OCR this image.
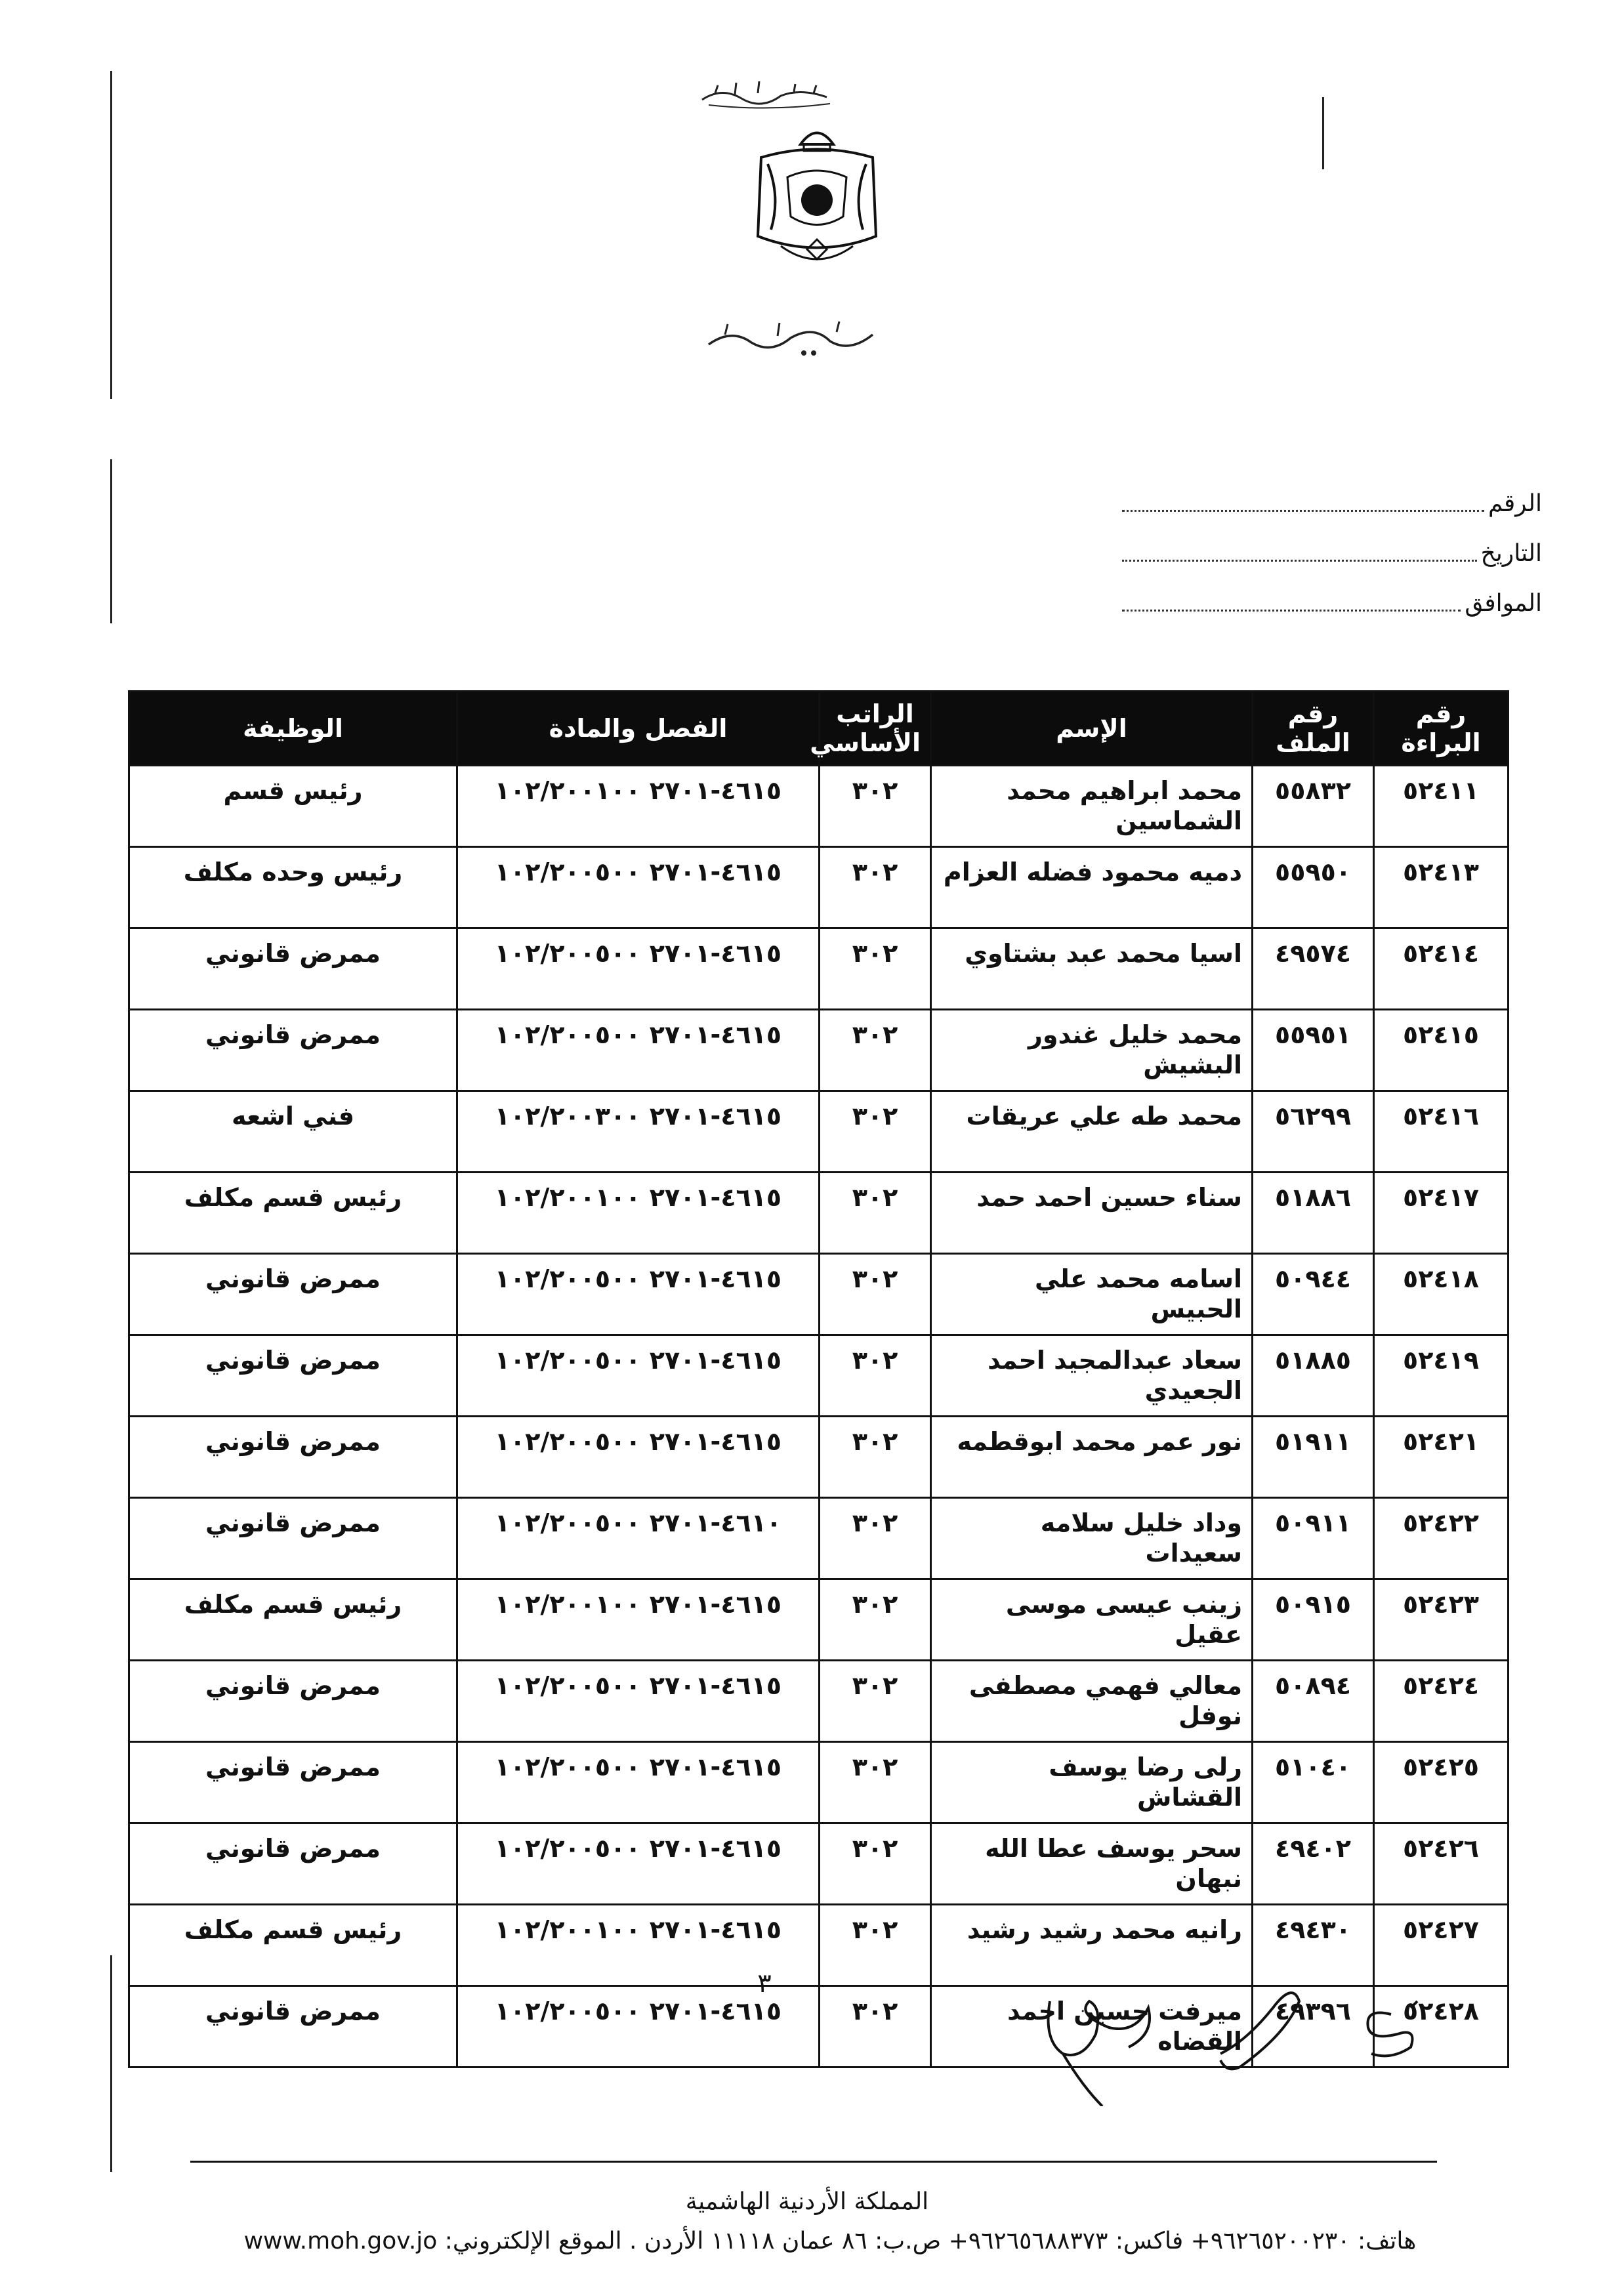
الرقم
التاريخ
الموافق
رقم البراءة	رقم الملف	الإسم	الراتب الأساسي	الفصل والمادة	الوظيفة
٥٢٤١١	٥٥٨٣٢	محمد ابراهيم محمد الشماسين	٣٠٢	٤٦١٥-٢٧٠١ ١٠٢/٢٠٠١٠٠	رئيس قسم
٥٢٤١٣	٥٥٩٥٠	دميه محمود فضله العزام	٣٠٢	٤٦١٥-٢٧٠١ ١٠٢/٢٠٠٥٠٠	رئيس وحده مكلف
٥٢٤١٤	٤٩٥٧٤	اسيا محمد عبد بشتاوي	٣٠٢	٤٦١٥-٢٧٠١ ١٠٢/٢٠٠٥٠٠	ممرض قانوني
٥٢٤١٥	٥٥٩٥١	محمد خليل غندور البشيش	٣٠٢	٤٦١٥-٢٧٠١ ١٠٢/٢٠٠٥٠٠	ممرض قانوني
٥٢٤١٦	٥٦٢٩٩	محمد طه علي عريقات	٣٠٢	٤٦١٥-٢٧٠١ ١٠٢/٢٠٠٣٠٠	فني اشعه
٥٢٤١٧	٥١٨٨٦	سناء حسين احمد حمد	٣٠٢	٤٦١٥-٢٧٠١ ١٠٢/٢٠٠١٠٠	رئيس قسم مكلف
٥٢٤١٨	٥٠٩٤٤	اسامه محمد علي الحبيس	٣٠٢	٤٦١٥-٢٧٠١ ١٠٢/٢٠٠٥٠٠	ممرض قانوني
٥٢٤١٩	٥١٨٨٥	سعاد عبدالمجيد احمد الجعيدي	٣٠٢	٤٦١٥-٢٧٠١ ١٠٢/٢٠٠٥٠٠	ممرض قانوني
٥٢٤٢١	٥١٩١١	نور عمر محمد ابوقطمه	٣٠٢	٤٦١٥-٢٧٠١ ١٠٢/٢٠٠٥٠٠	ممرض قانوني
٥٢٤٢٢	٥٠٩١١	وداد خليل سلامه سعيدات	٣٠٢	٤٦١٠-٢٧٠١ ١٠٢/٢٠٠٥٠٠	ممرض قانوني
٥٢٤٢٣	٥٠٩١٥	زينب عيسى موسى عقيل	٣٠٢	٤٦١٥-٢٧٠١ ١٠٢/٢٠٠١٠٠	رئيس قسم مكلف
٥٢٤٢٤	٥٠٨٩٤	معالي فهمي مصطفى نوفل	٣٠٢	٤٦١٥-٢٧٠١ ١٠٢/٢٠٠٥٠٠	ممرض قانوني
٥٢٤٢٥	٥١٠٤٠	رلى رضا يوسف القشاش	٣٠٢	٤٦١٥-٢٧٠١ ١٠٢/٢٠٠٥٠٠	ممرض قانوني
٥٢٤٢٦	٤٩٤٠٢	سحر يوسف عطا الله نبهان	٣٠٢	٤٦١٥-٢٧٠١ ١٠٢/٢٠٠٥٠٠	ممرض قانوني
٥٢٤٢٧	٤٩٤٣٠	رانيه محمد رشيد رشيد	٣٠٢	٤٦١٥-٢٧٠١ ١٠٢/٢٠٠١٠٠	رئيس قسم مكلف
٥٢٤٢٨	٤٩٣٩٦	ميرفت حسين احمد القضاه	٣٠٢	٤٦١٥-٢٧٠١ ١٠٢/٢٠٠٥٠٠	ممرض قانوني
٣
المملكة الأردنية الهاشمية
هاتف: ٩٦٢٦٥٢٠٠٢٣٠+ فاكس: ٩٦٢٦٥٦٨٨٣٧٣+ ص.ب: ٨٦ عمان ١١١١٨ الأردن . الموقع الإلكتروني: www.moh.gov.jo
